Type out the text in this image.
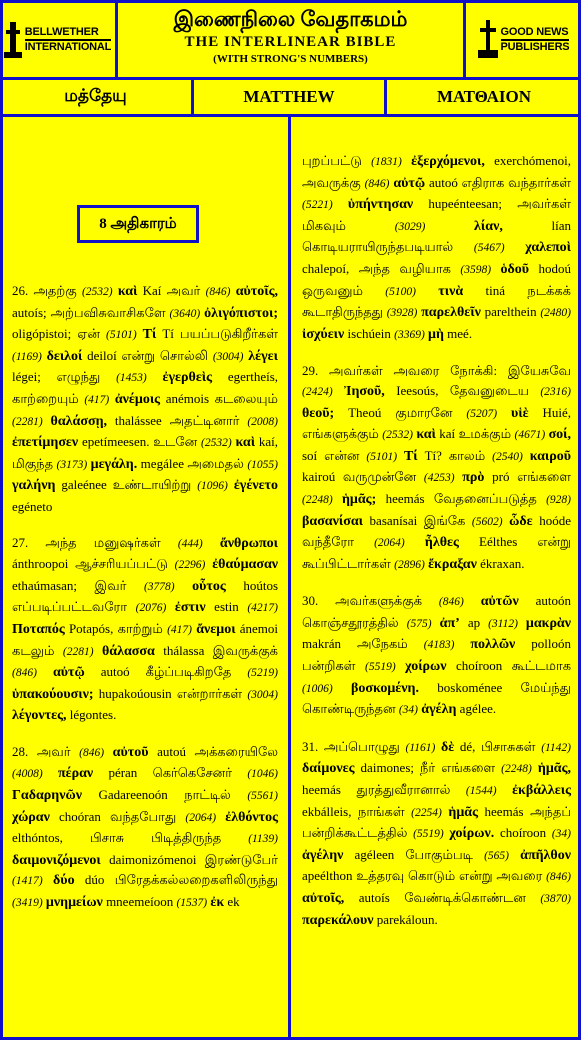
BELLWETHER
INTERNATIONAL
இணைநிலை வேதாகமம்
THE INTERLINEAR BIBLE
(WITH STRONG'S NUMBERS)
GOOD NEWS
PUBLISHERS
மத்தேயு	MATTHEW	ΜΑΤΘΑΙΟΝ
8 அதிகாரம்

26. அதற்கு (2532) καὶ Kaí அவர் (846) αὐτοῖς, autoís; அற்பவிசுவாசிகளே (3640) ὀλιγόπιστοι; oligópistoi; ஏன் (5101) Τί Tí பயப்படுகிறீர்கள் (1169) δειλοί deiloí என்று சொல்லி (3004) λέγει légei; எழுந்து (1453) ἐγερθεὶς egertheís, காற்றையும் (417) ἀνέμοις anémois கடலையும் (2281) θαλάσσῃ, thalássee அதட்டினார் (2008) ἐπετίμησεν epetímeesen. உடனே (2532) καὶ kaí, மிகுந்த (3173) μεγάλη. megálee அமைதல் (1055) γαλήνη galeénee உண்டாயிற்று (1096) ἐγένετο egéneto

27. அந்த மனுஷர்கள் (444) ἄνθρωποι ánthroopoi ஆச்சரியப்பட்டு (2296) ἐθαύμασαν ethaúmasan; இவர் (3778) οὗτος hoútos எப்படிப்பட்டவரோ (2076) ἐστιν estin (4217) Ποταπός Potapós, காற்றும் (417) ἄνεμοι ánemoi கடலும் (2281) θάλασσα thálassa இவருக்குக் (846) αὐτῷ autoó கீழ்ப்படிகிறதே (5219) ὑπακούουσιν; hupakoúousin என்றார்கள் (3004) λέγοντες, légontes.

28. அவர் (846) αὐτοῦ autoú அக்கரையிலே (4008) πέραν péran கெர்கெசேனர் (1046) Γαδαρηνῶν Gadareenoón நாட்டில் (5561) χώραν choóran வந்தபோது (2064) ἐλθόντος elthóntos, பிசாசு பிடித்திருந்த (1139) δαιμονιζόμενοι daimonizómenoi இரண்டுபேர் (1417) δύο dúo பிரேதக்கல்லறைகளிலிருந்து (3419) μνημείων mneemeíoon (1537) ἐκ ek

புறப்பட்டு (1831) ἐξερχόμενοι, exerchómenoi, அவருக்கு (846) αὐτῷ autoó எதிராக வந்தார்கள் (5221) ὑπήντησαν hupeénteesan; அவர்கள் மிகவும் (3029)	λίαν, lían கொடியராயிருந்தபடியால் (5467) χαλεποὶ chalepoí, அந்த வழியாக (3598) ὁδοῦ hodoú ஒருவனும் (5100) τινὰ tiná நடக்கக் கூடாதிருந்தது (3928) παρελθεῖν parelthein (2480) ἰσχύειν ischúein (3369) μὴ meé.

29. அவர்கள் அவரை நோக்கி: இயேசுவே (2424) Ἰησοῦ, Ieesoús, தேவனுடைய (2316) θεοῦ; Theoú குமாரனே (5207) υἱὲ Huié, எங்களுக்கும் (2532) καὶ kaí உமக்கும் (4671) σοί, soí என்ன (5101) Τί Tí? காலம் (2540) καιροῦ kairoú வருமுன்னே (4253) πρὸ pró எங்களை (2248) ἡμᾶς; heemás வேதனைப்படுத்த (928) βασανίσαι basanísai இங்கே (5602) ὧδε hoóde வந்தீரோ (2064) ἦλθες Eélthes என்று கூப்பிட்டார்கள் (2896) ἔκραξαν ékraxan.

30. அவர்களுக்குக் (846) αὐτῶν autoón கொஞ்சதூரத்தில் (575) ἀπ’ ap (3112) μακρὰν makrán அநேகம் (4183) πολλῶν polloón பன்றிகள் (5519) χοίρων choíroon கூட்டமாக (1006) βοσκομένη. boskoménee மேய்ந்து கொண்டிருந்தன (34) ἀγέλη agélee.

31. அப்பொழுது (1161) δὲ dé, பிசாசுகள் (1142) δαίμονες daimones; நீர் எங்களை (2248) ἡμᾶς, heemás துரத்துவீரானால் (1544) ἐκβάλλεις ekbálleis, நாங்கள் (2254) ἡμᾶς heemás அந்தப் பன்றிக்கூட்டத்தில் (5519) χοίρων. choíroon (34) ἀγέλην agéleen போகும்படி (565) ἀπῆλθον apeélthon உத்தரவு கொடும் என்று அவரை (846) αὐτοῖς, autoís வேண்டிக்கொண்டன (3870) παρεκάλουν parekáloun.
